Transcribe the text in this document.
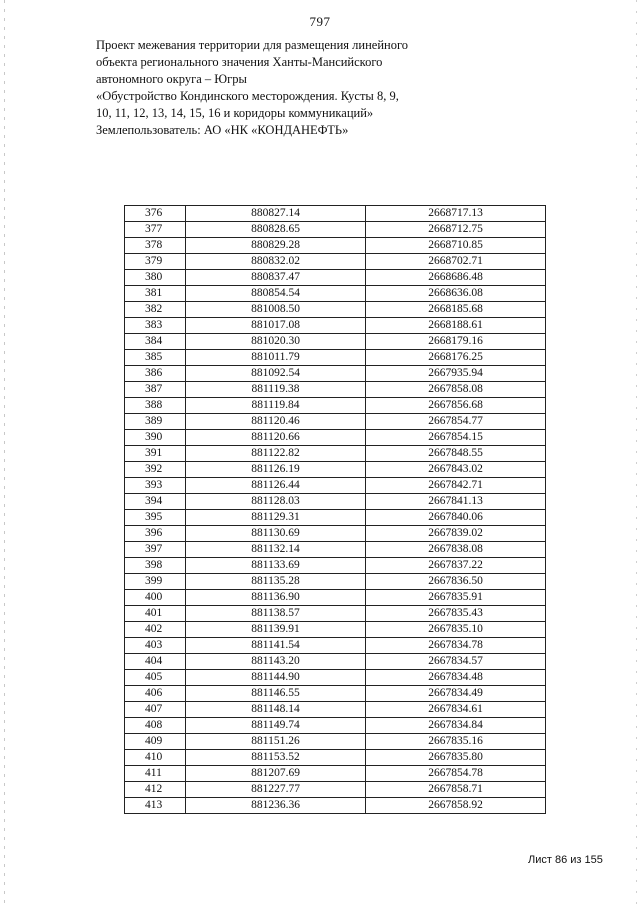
797
Проект межевания территории для размещения линейного
объекта регионального значения Ханты-Мансийского
автономного округа – Югры
«Обустройство Кондинского месторождения. Кусты 8, 9,
10, 11, 12, 13, 14, 15, 16 и коридоры коммуникаций»
Землепользователь: АО «НК «КОНДАНЕФТЬ»
376	880827.14	2668717.13
377	880828.65	2668712.75
378	880829.28	2668710.85
379	880832.02	2668702.71
380	880837.47	2668686.48
381	880854.54	2668636.08
382	881008.50	2668185.68
383	881017.08	2668188.61
384	881020.30	2668179.16
385	881011.79	2668176.25
386	881092.54	2667935.94
387	881119.38	2667858.08
388	881119.84	2667856.68
389	881120.46	2667854.77
390	881120.66	2667854.15
391	881122.82	2667848.55
392	881126.19	2667843.02
393	881126.44	2667842.71
394	881128.03	2667841.13
395	881129.31	2667840.06
396	881130.69	2667839.02
397	881132.14	2667838.08
398	881133.69	2667837.22
399	881135.28	2667836.50
400	881136.90	2667835.91
401	881138.57	2667835.43
402	881139.91	2667835.10
403	881141.54	2667834.78
404	881143.20	2667834.57
405	881144.90	2667834.48
406	881146.55	2667834.49
407	881148.14	2667834.61
408	881149.74	2667834.84
409	881151.26	2667835.16
410	881153.52	2667835.80
411	881207.69	2667854.78
412	881227.77	2667858.71
413	881236.36	2667858.92
Лист 86 из 155
